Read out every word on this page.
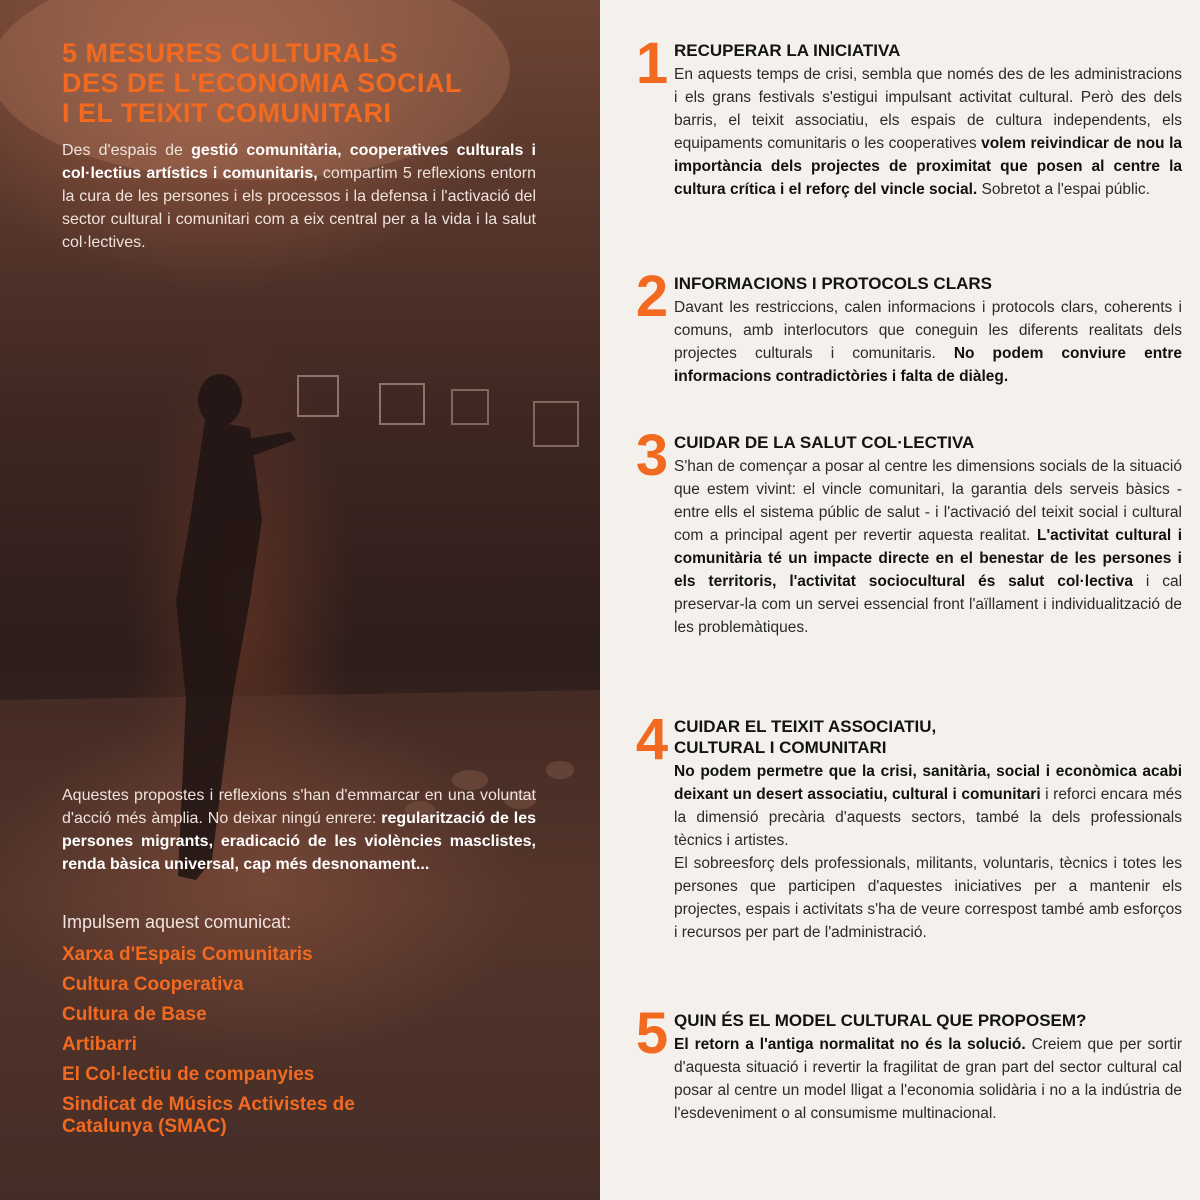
5 MESURES CULTURALS
DES DE L'ECONOMIA SOCIAL
I EL TEIXIT COMUNITARI

Des d'espais de gestió comunitària, cooperatives culturals i col·lectius artístics i comunitaris, compartim 5 reflexions entorn la cura de les persones i els processos i la defensa i l'activació del sector cultural i comunitari com a eix central per a la vida i la salut col·lectives.

Aquestes propostes i reflexions s'han d'emmarcar en una voluntat d'acció més àmplia. No deixar ningú enrere: regularització de les persones migrants, eradicació de les violències masclistes, renda bàsica universal, cap més desnonament...

Impulsem aquest comunicat:

Xarxa d'Espais Comunitaris
Cultura Cooperativa
Cultura de Base
Artibarri
El Col·lectiu de companyies
Sindicat de Músics Activistes de Catalunya (SMAC)
1 RECUPERAR LA INICIATIVA

En aquests temps de crisi, sembla que només des de les administracions i els grans festivals s'estigui impulsant activitat cultural. Però des dels barris, el teixit associatiu, els espais de cultura independents, els equipaments comunitaris o les cooperatives volem reivindicar de nou la importància dels projectes de proximitat que posen al centre la cultura crítica i el reforç del vincle social. Sobretot a l'espai públic.

2 INFORMACIONS I PROTOCOLS CLARS

Davant les restriccions, calen informacions i protocols clars, coherents i comuns, amb interlocutors que coneguin les diferents realitats dels projectes culturals i comunitaris. No podem conviure entre informacions contradictòries i falta de diàleg.

3 CUIDAR DE LA SALUT COL·LECTIVA

S'han de començar a posar al centre les dimensions socials de la situació que estem vivint: el vincle comunitari, la garantia dels serveis bàsics - entre ells el sistema públic de salut - i l'activació del teixit social i cultural com a principal agent per revertir aquesta realitat. L'activitat cultural i comunitària té un impacte directe en el benestar de les persones i els territoris, l'activitat sociocultural és salut col·lectiva i cal preservar-la com un servei essencial front l'aïllament i individualització de les problemàtiques.

4 CUIDAR EL TEIXIT ASSOCIATIU,
CULTURAL I COMUNITARI

No podem permetre que la crisi, sanitària, social i econòmica acabi deixant un desert associatiu, cultural i comunitari i reforci encara més la dimensió precària d'aquests sectors, també la dels professionals tècnics i artistes.

El sobreesforç dels professionals, militants, voluntaris, tècnics i totes les persones que participen d'aquestes iniciatives per a mantenir els projectes, espais i activitats s'ha de veure correspost també amb esforços i recursos per part de l'administració.

5 QUIN ÉS EL MODEL CULTURAL QUE PROPOSEM?

El retorn a l'antiga normalitat no és la solució. Creiem que per sortir d'aquesta situació i revertir la fragilitat de gran part del sector cultural cal posar al centre un model lligat a l'economia solidària i no a la indústria de l'esdeveniment o al consumisme multinacional.
